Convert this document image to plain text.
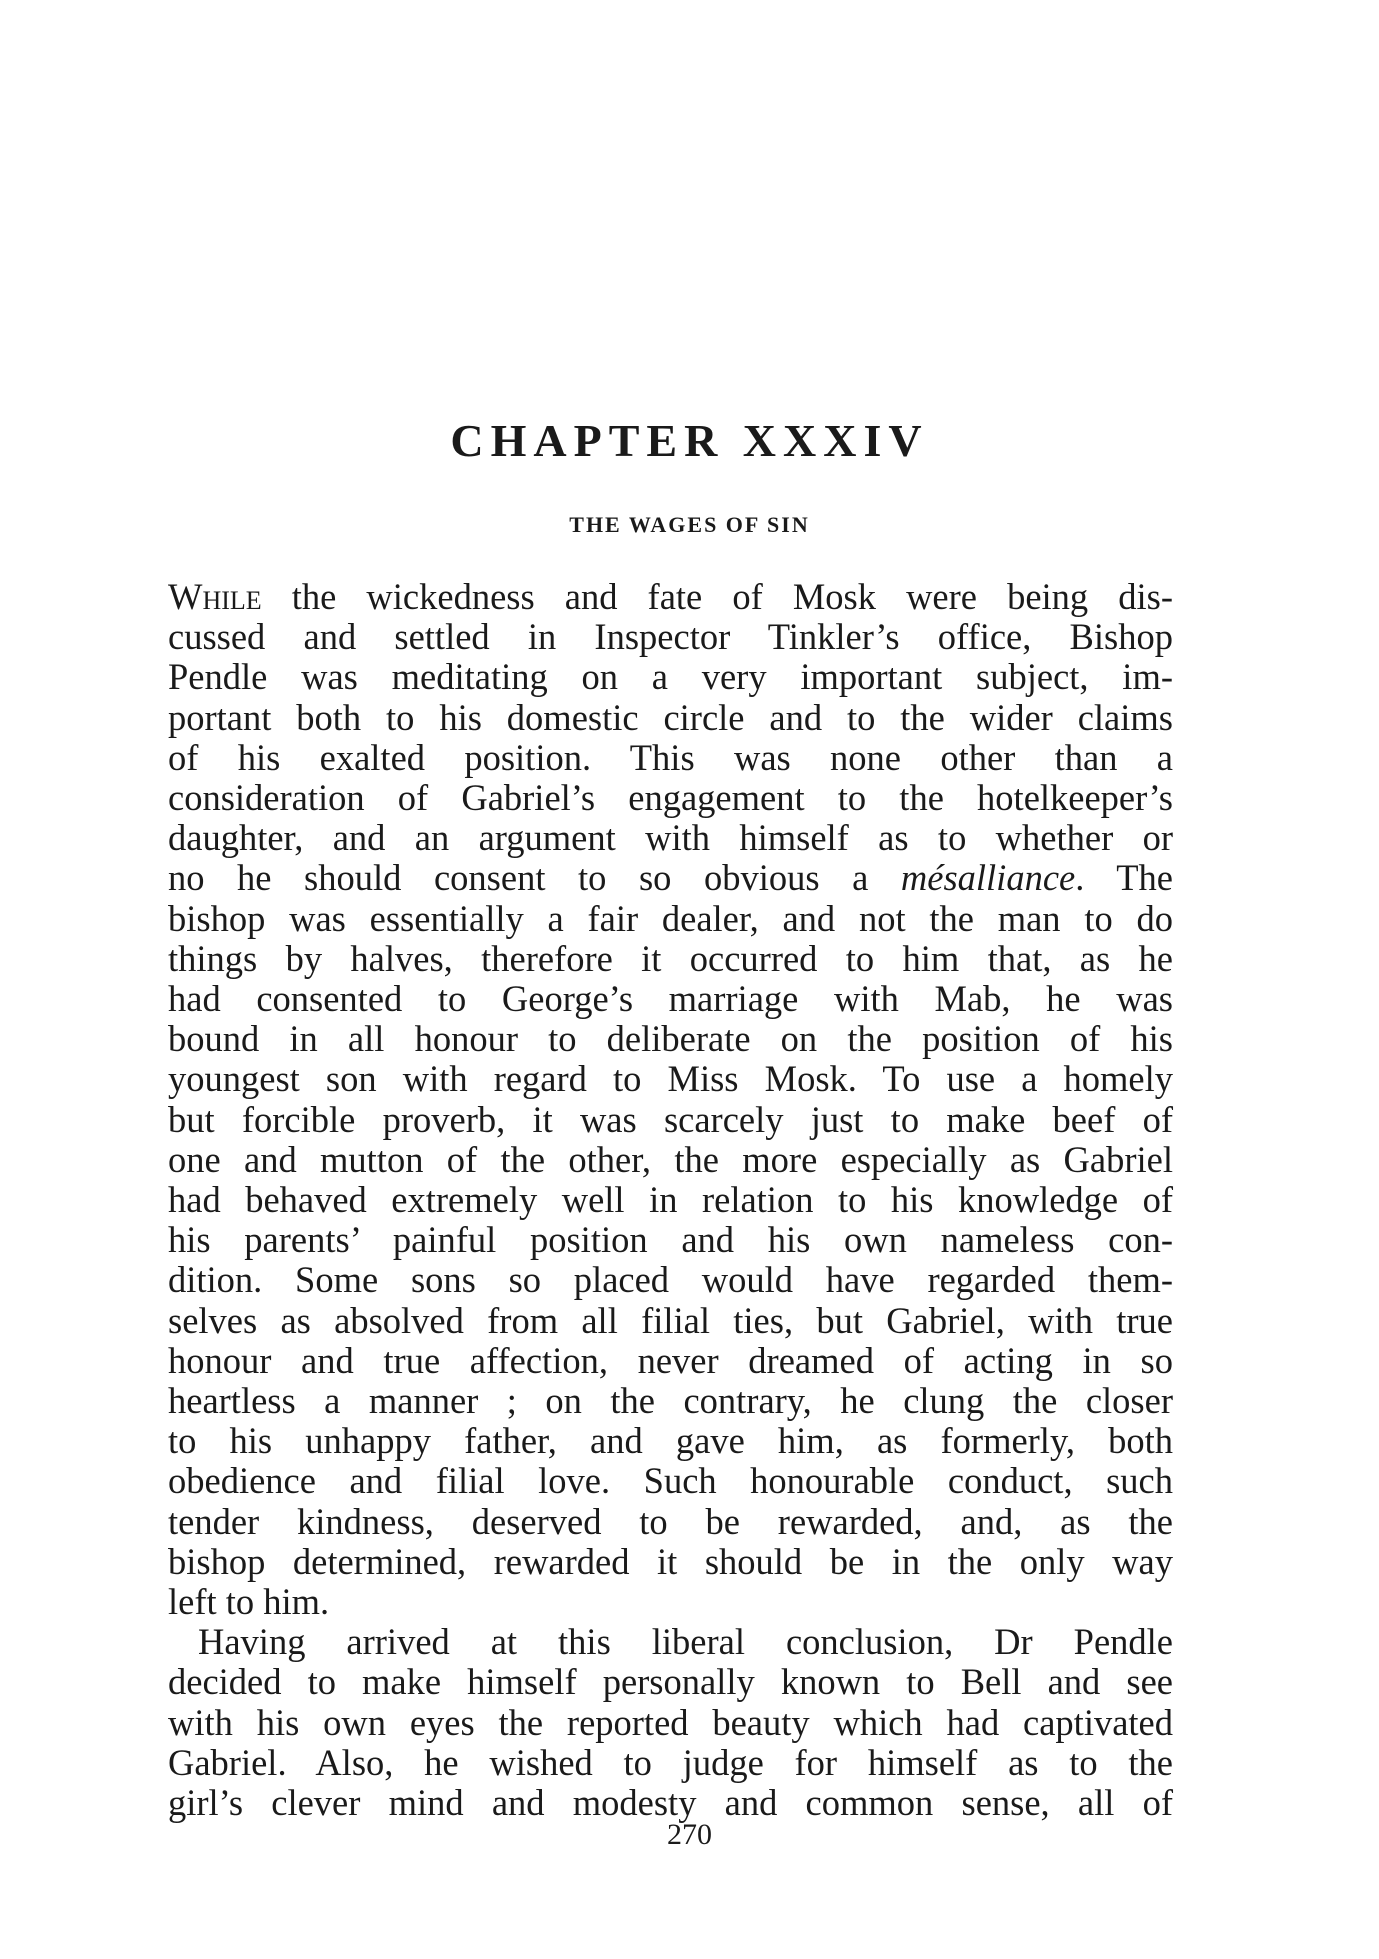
CHAPTER XXXIV
THE WAGES OF SIN
While the wickedness and fate of Mosk were being dis-
cussed and settled in Inspector Tinkler’s office, Bishop
Pendle was meditating on a very important subject, im-
portant both to his domestic circle and to the wider claims
of his exalted position. This was none other than a
consideration of Gabriel’s engagement to the hotelkeeper’s
daughter, and an argument with himself as to whether or
no he should consent to so obvious a mésalliance. The
bishop was essentially a fair dealer, and not the man to do
things by halves, therefore it occurred to him that, as he
had consented to George’s marriage with Mab, he was
bound in all honour to deliberate on the position of his
youngest son with regard to Miss Mosk. To use a homely
but forcible proverb, it was scarcely just to make beef of
one and mutton of the other, the more especially as Gabriel
had behaved extremely well in relation to his knowledge of
his parents’ painful position and his own nameless con-
dition. Some sons so placed would have regarded them-
selves as absolved from all filial ties, but Gabriel, with true
honour and true affection, never dreamed of acting in so
heartless a manner ; on the contrary, he clung the closer
to his unhappy father, and gave him, as formerly, both
obedience and filial love. Such honourable conduct, such
tender kindness, deserved to be rewarded, and, as the
bishop determined, rewarded it should be in the only way
left to him.
Having arrived at this liberal conclusion, Dr Pendle
decided to make himself personally known to Bell and see
with his own eyes the reported beauty which had captivated
Gabriel. Also, he wished to judge for himself as to the
girl’s clever mind and modesty and common sense, all of
270
